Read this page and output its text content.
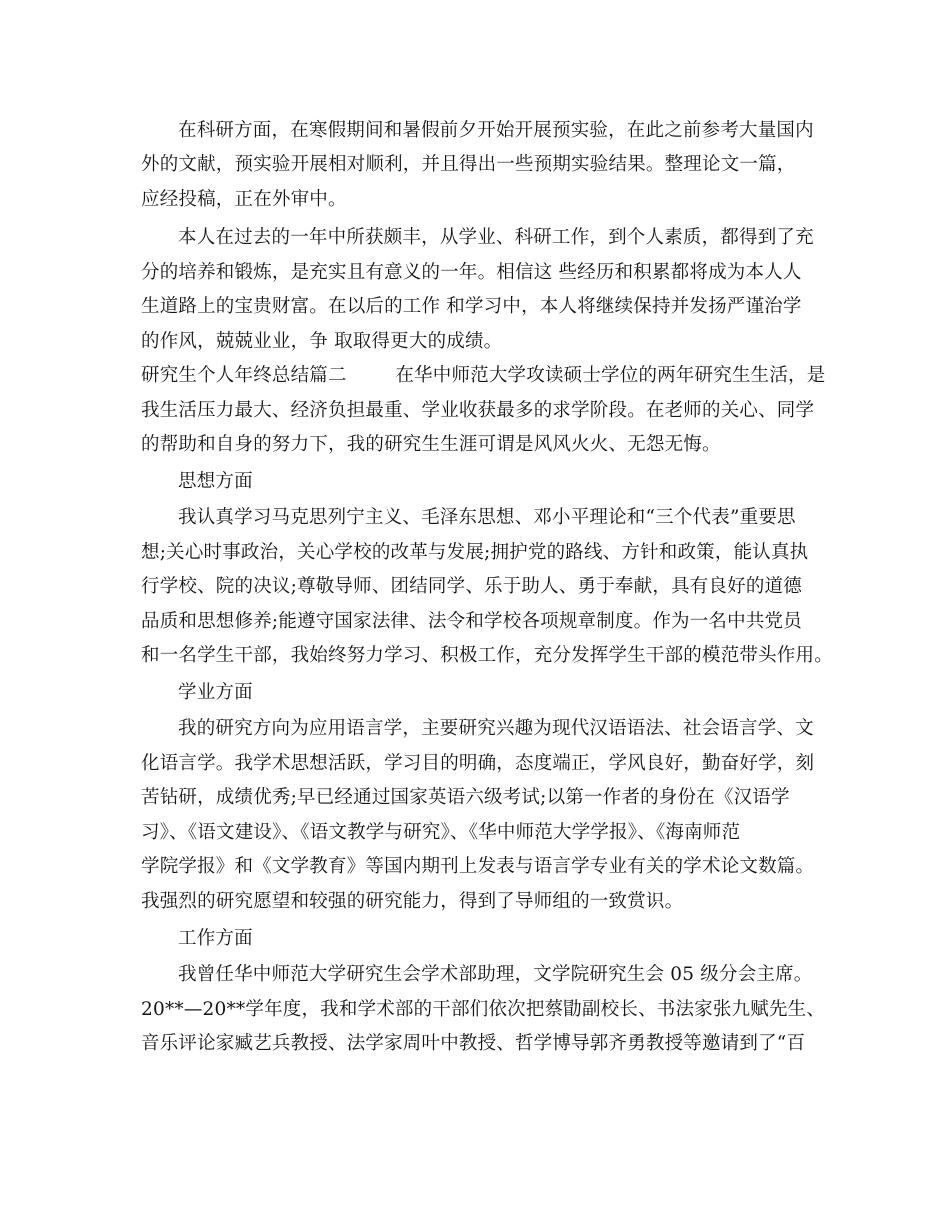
在科研方面，在寒假期间和暑假前夕开始开展预实验，在此之前参考大量国内
外的文献，预实验开展相对顺利，并且得出一些预期实验结果。整理论文一篇，
应经投稿，正在外审中。
本人在过去的一年中所获颇丰，从学业、科研工作，到个人素质，都得到了充
分的培养和锻炼，是充实且有意义的一年。相信这 些经历和积累都将成为本人人
生道路上的宝贵财富。在以后的工作 和学习中，本人将继续保持并发扬严谨治学
的作风，兢兢业业，争 取取得更大的成绩。
研究生个人年终总结篇二        在华中师范大学攻读硕士学位的两年研究生生活，是
我生活压力最大、经济负担最重、学业收获最多的求学阶段。在老师的关心、同学
的帮助和自身的努力下，我的研究生生涯可谓是风风火火、无怨无悔。
思想方面
我认真学习马克思列宁主义、毛泽东思想、邓小平理论和“三个代表”重要思
想;关心时事政治，关心学校的改革与发展;拥护党的路线、方针和政策，能认真执
行学校、院的决议;尊敬导师、团结同学、乐于助人、勇于奉献，具有良好的道德
品质和思想修养;能遵守国家法律、法令和学校各项规章制度。作为一名中共党员
和一名学生干部，我始终努力学习、积极工作，充分发挥学生干部的模范带头作用。
学业方面
我的研究方向为应用语言学，主要研究兴趣为现代汉语语法、社会语言学、文
化语言学。我学术思想活跃，学习目的明确，态度端正，学风良好，勤奋好学，刻
苦钻研，成绩优秀;早已经通过国家英语六级考试;以第一作者的身份在《汉语学
习》、《语文建设》、《语文教学与研究》、《华中师范大学学报》、《海南师范
学院学报》和《文学教育》等国内期刊上发表与语言学专业有关的学术论文数篇。
我强烈的研究愿望和较强的研究能力，得到了导师组的一致赏识。
工作方面
我曾任华中师范大学研究生会学术部助理，文学院研究生会 05 级分会主席。
20**—20**学年度，我和学术部的干部们依次把蔡勖副校长、书法家张九赋先生、
音乐评论家臧艺兵教授、法学家周叶中教授、哲学博导郭齐勇教授等邀请到了“百
